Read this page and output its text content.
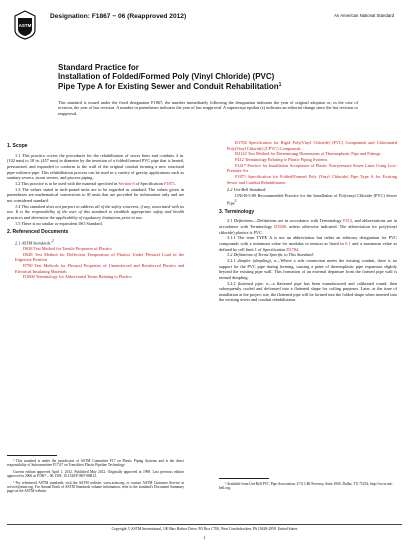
ASTM
Designation: F1867 − 06 (Reapproved 2012)	An American National Standard
Standard Practice for
Installation of Folded/Formed Poly (Vinyl Chloride) (PVC)
Pipe Type A for Existing Sewer and Conduit Rehabilitation$^1$
This standard is issued under the fixed designation F1867; the number immediately following the designation indicates the year of original adoption or, in the case of revision, the year of last revision. A number in parentheses indicates the year of last reapproval. A superscript epsilon (ε) indicates an editorial change since the last revision or reapproval.
1. Scope

1.1 This practice covers the procedures for the rehabilitation of sewer lines and conduits 4 in. (102 mm) to 18 in. (457 mm) in diameter by the insertion of a folded/formed PVC pipe that is heated, pressurized, and expanded to conform to the wall of the original conduit forming a new structural pipe-within-a-pipe. This rehabilitation process can be used in a variety of gravity applications such as sanitary sewers, storm sewers, and process piping.

1.2 This practice is to be used with the material specified in Section 6 of Specification F1871.

1.3 The values stated in inch-pound units are to be regarded as standard. The values given in parentheses are mathematical conversions to SI units that are provided for information only and are not considered standard.

1.4 This standard does not purport to address all of the safety concerns, if any, associated with its use. It is the responsibility of the user of this standard to establish appropriate safety and health practices and determine the applicability of regulatory limitations prior to use.

1.5 There is no similar or equivalent ISO Standard.

2. Referenced Documents
2.1 ASTM Standards:$^2$

D638 Test Method for Tensile Properties of Plastics

D648 Test Method for Deflection Temperature of Plastics Under Flexural Load in the Edgewise Position

D790 Test Methods for Flexural Properties of Unreinforced and Reinforced Plastics and Electrical Insulating Materials

D1600 Terminology for Abbreviated Terms Relating to Plastics

D1784 Specification for Rigid Poly(Vinyl Chloride) (PVC) Compounds and Chlorinated Poly(Vinyl Chloride) (CPVC) Compounds

D2122 Test Method for Determining Dimensions of Thermoplastic Pipe and Fittings

F412 Terminology Relating to Plastic Piping Systems

F1417 Practice for Installation Acceptance of Plastic Non-pressure Sewer Lines Using Low-Pressure Air

F1871 Specification for Folded/Formed Poly (Vinyl Chloride) Pipe Type A for Existing Sewer and Conduit Rehabilitation

2.2 Uni-Bell Standard:

UNI-B-5-89 Recommended Practice for the Installation of Polyvinyl Chloride (PVC) Sewer Pipe$^3$

3. Terminology

3.1 Definitions—Definitions are in accordance with Terminology F412, and abbreviations are in accordance with Terminology D1600, unless otherwise indicated. The abbreviation for poly(vinyl chloride) plastics is PVC.

3.1.1 The term TYPE A is not an abbreviation but rather an arbitrary designation for PVC compounds with a minimum value for modulus in tension as listed in 6.1 and a maximum value as defined by cell limit 1 of Specification D1784.

3.2 Definitions of Terms Specific to This Standard:

3.2.1 dimpler (dimpling), n—Where a side connection meets the existing conduit, there is no support for the PVC pipe during forming, causing a point of thermoplastic pipe expansion slightly beyond the existing pipe wall. This formation of an external departure from the formed pipe wall is termed dimpling.

3.2.2 flattened pipe, n—a flattened pipe has been manufactured and calibrated round, then subsequently cooled and deformed into a flattened shape for coiling purposes. Later, at the time of installation at the project site, the flattened pipe will be formed into the folded shape when inserted into the existing sewer and conduit rehabilitation.

¹ This standard is under the jurisdiction of ASTM Committee F17 on Plastic Piping Systems and is the direct responsibility of Subcommittee F17.67 on Trenchless Plastic Pipeline Technology.

Current edition approved April 1, 2012. Published May 2012. Originally approved in 1998. Last previous edition approved in 2006 as F1867 – 06. DOI: 10.1520/F1867-06R12.

² For referenced ASTM standards, visit the ASTM website, www.astm.org, or contact ASTM Customer Service at service@astm.org. For Annual Book of ASTM Standards volume information, refer to the standard's Document Summary page on the ASTM website.

³ Available from Uni-Bell PVC Pipe Association, 2711 LBJ Freeway, Suite 1000, Dallas, TX 75234, http://www.uni-bell.org.

Copyright © ASTM International, 100 Barr Harbor Drive, PO Box C700, West Conshohocken, PA 19428-2959. United States
1
